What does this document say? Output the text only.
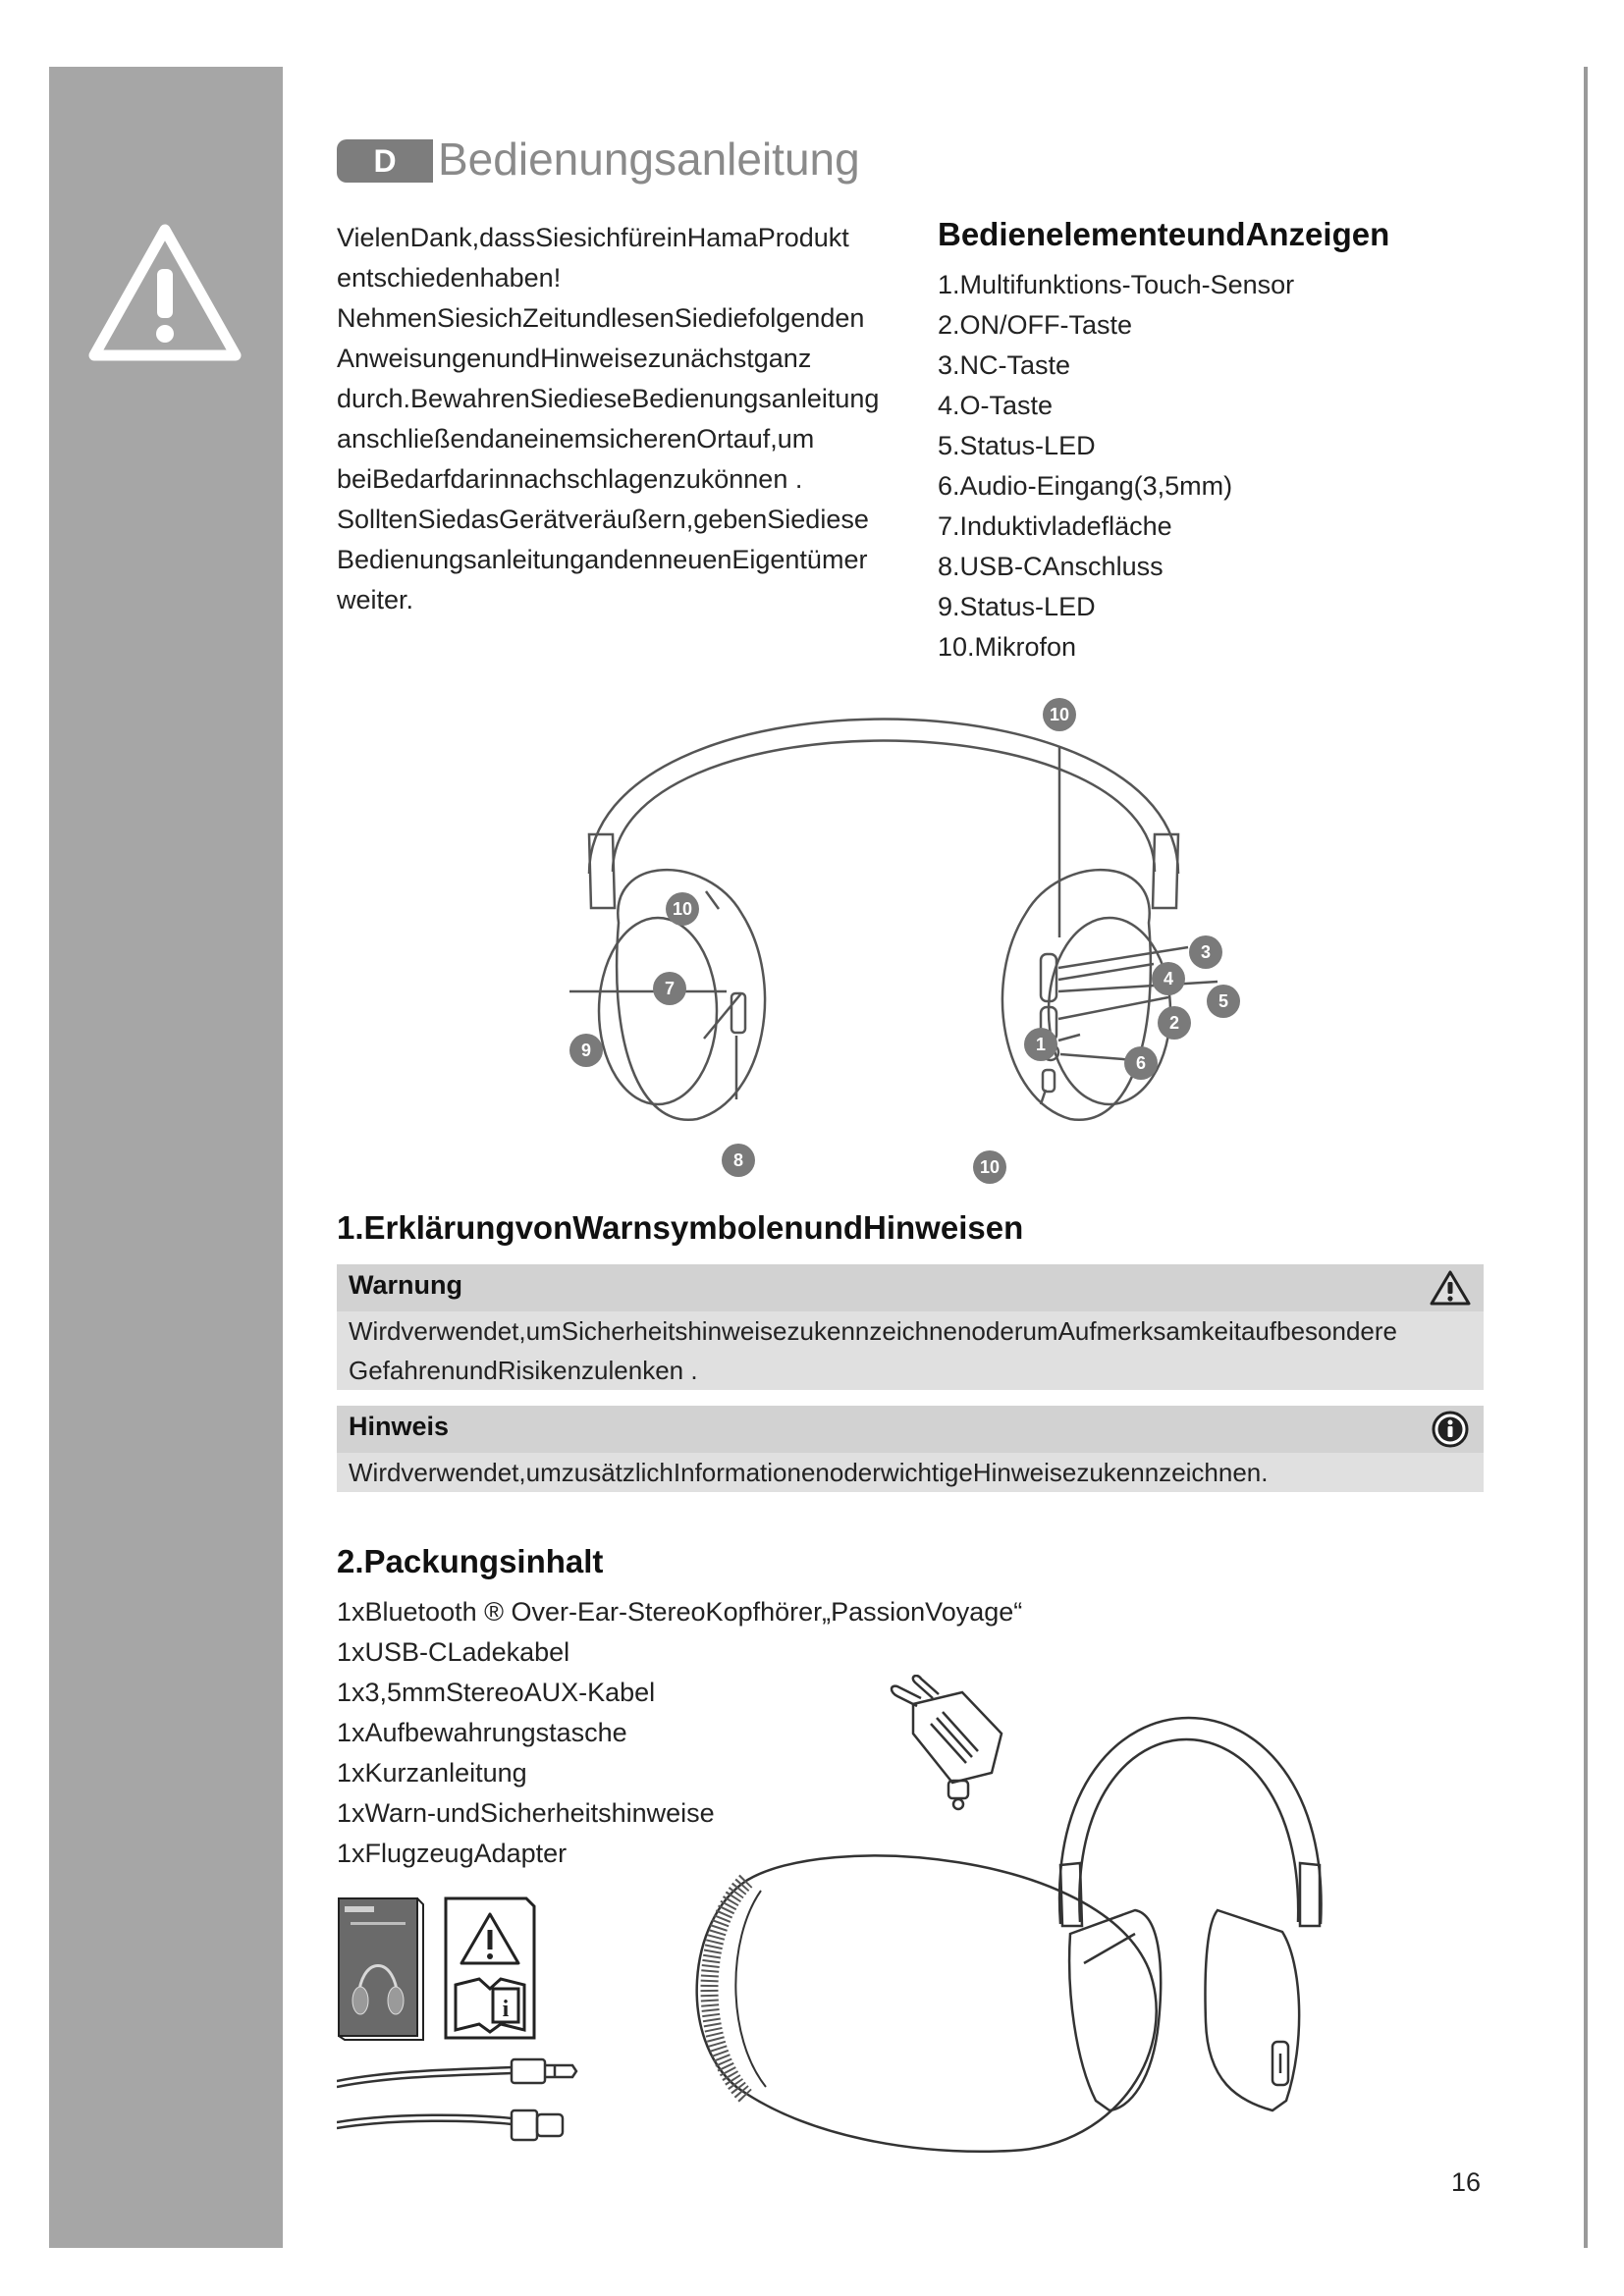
D Bedienungsanleitung

VielenDank,dassSiesichfüreinHamaProdukt

entschiedenhaben!

NehmenSiesichZeitundlesenSiediefolgenden

AnweisungenundHinweisezunächstganz

durch.BewahrenSiedieseBedienungsanleitung

anschließendaneinemsicherenOrtauf,um

beiBedarfdarinnachschlagenzukönnen .

SolltenSiedasGerätveräußern,gebenSiediese

BedienungsanleitungandenneuenEigentümer

weiter.

BedienelementeundAnzeigen
1.Multifunktions-Touch-Sensor
2.ON/OFF-Taste
3.NC-Taste
4.O-Taste
5.Status-LED
6.Audio-Eingang(3,5mm)
7.Induktivladefläche
8.USB-CAnschluss
9.Status-LED
10.Mikrofon
10
10
7
9
8
3
4
5
2
1
6
10
1.ErklärungvonWarnsymbolenundHinweisen
Warnung
Wirdverwendet,umSicherheitshinweisezukennzeichnenoderumAufmerksamkeitaufbesondere
GefahrenundRisikenzulenken .
Hinweis
Wirdverwendet,umzusätzlichInformationenoderwichtigeHinweisezukennzeichnen.
2.Packungsinhalt
1xBluetooth ® Over-Ear-StereoKopfhörer„PassionVoyage“
1xUSB-CLadekabel
1x3,5mmStereoAUX-Kabel
1xAufbewahrungstasche
1xKurzanleitung
1xWarn-undSicherheitshinweise
1xFlugzeugAdapter
i
16
